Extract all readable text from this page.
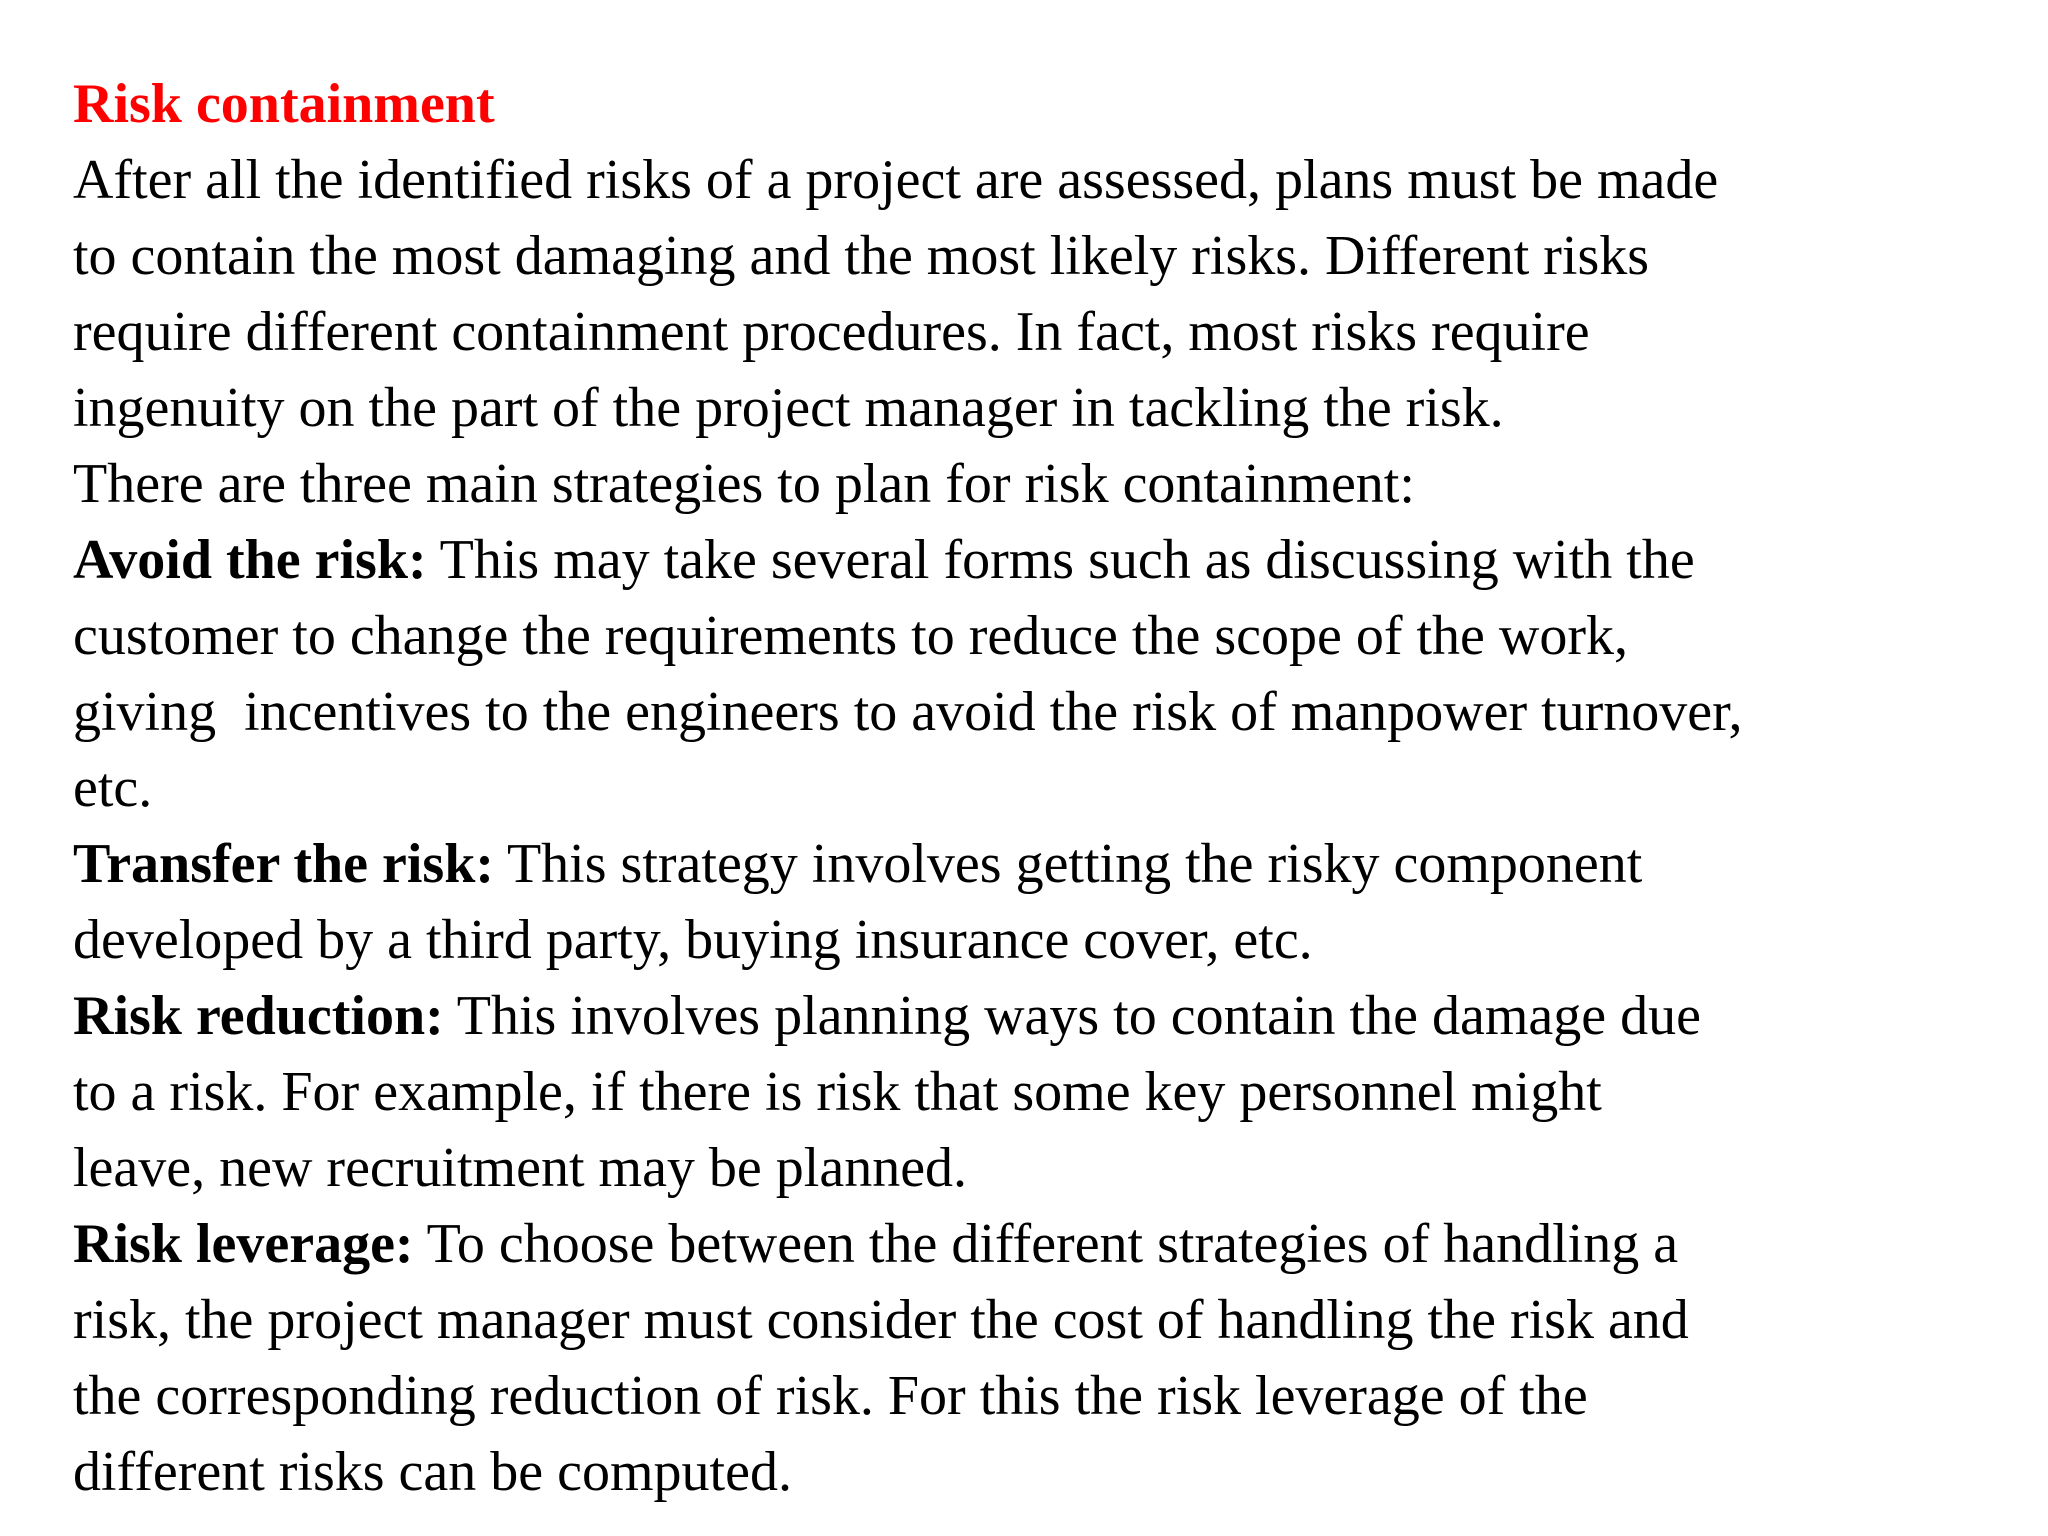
Risk containment
After all the identified risks of a project are assessed, plans must be made
to contain the most damaging and the most likely risks. Different risks
require different containment procedures. In fact, most risks require
ingenuity on the part of the project manager in tackling the risk.
There are three main strategies to plan for risk containment:
Avoid the risk: This may take several forms such as discussing with the
customer to change the requirements to reduce the scope of the work,
giving  incentives to the engineers to avoid the risk of manpower turnover,
etc.
Transfer the risk: This strategy involves getting the risky component
developed by a third party, buying insurance cover, etc.
Risk reduction: This involves planning ways to contain the damage due
to a risk. For example, if there is risk that some key personnel might
leave, new recruitment may be planned.
Risk leverage: To choose between the different strategies of handling a
risk, the project manager must consider the cost of handling the risk and
the corresponding reduction of risk. For this the risk leverage of the
different risks can be computed.
